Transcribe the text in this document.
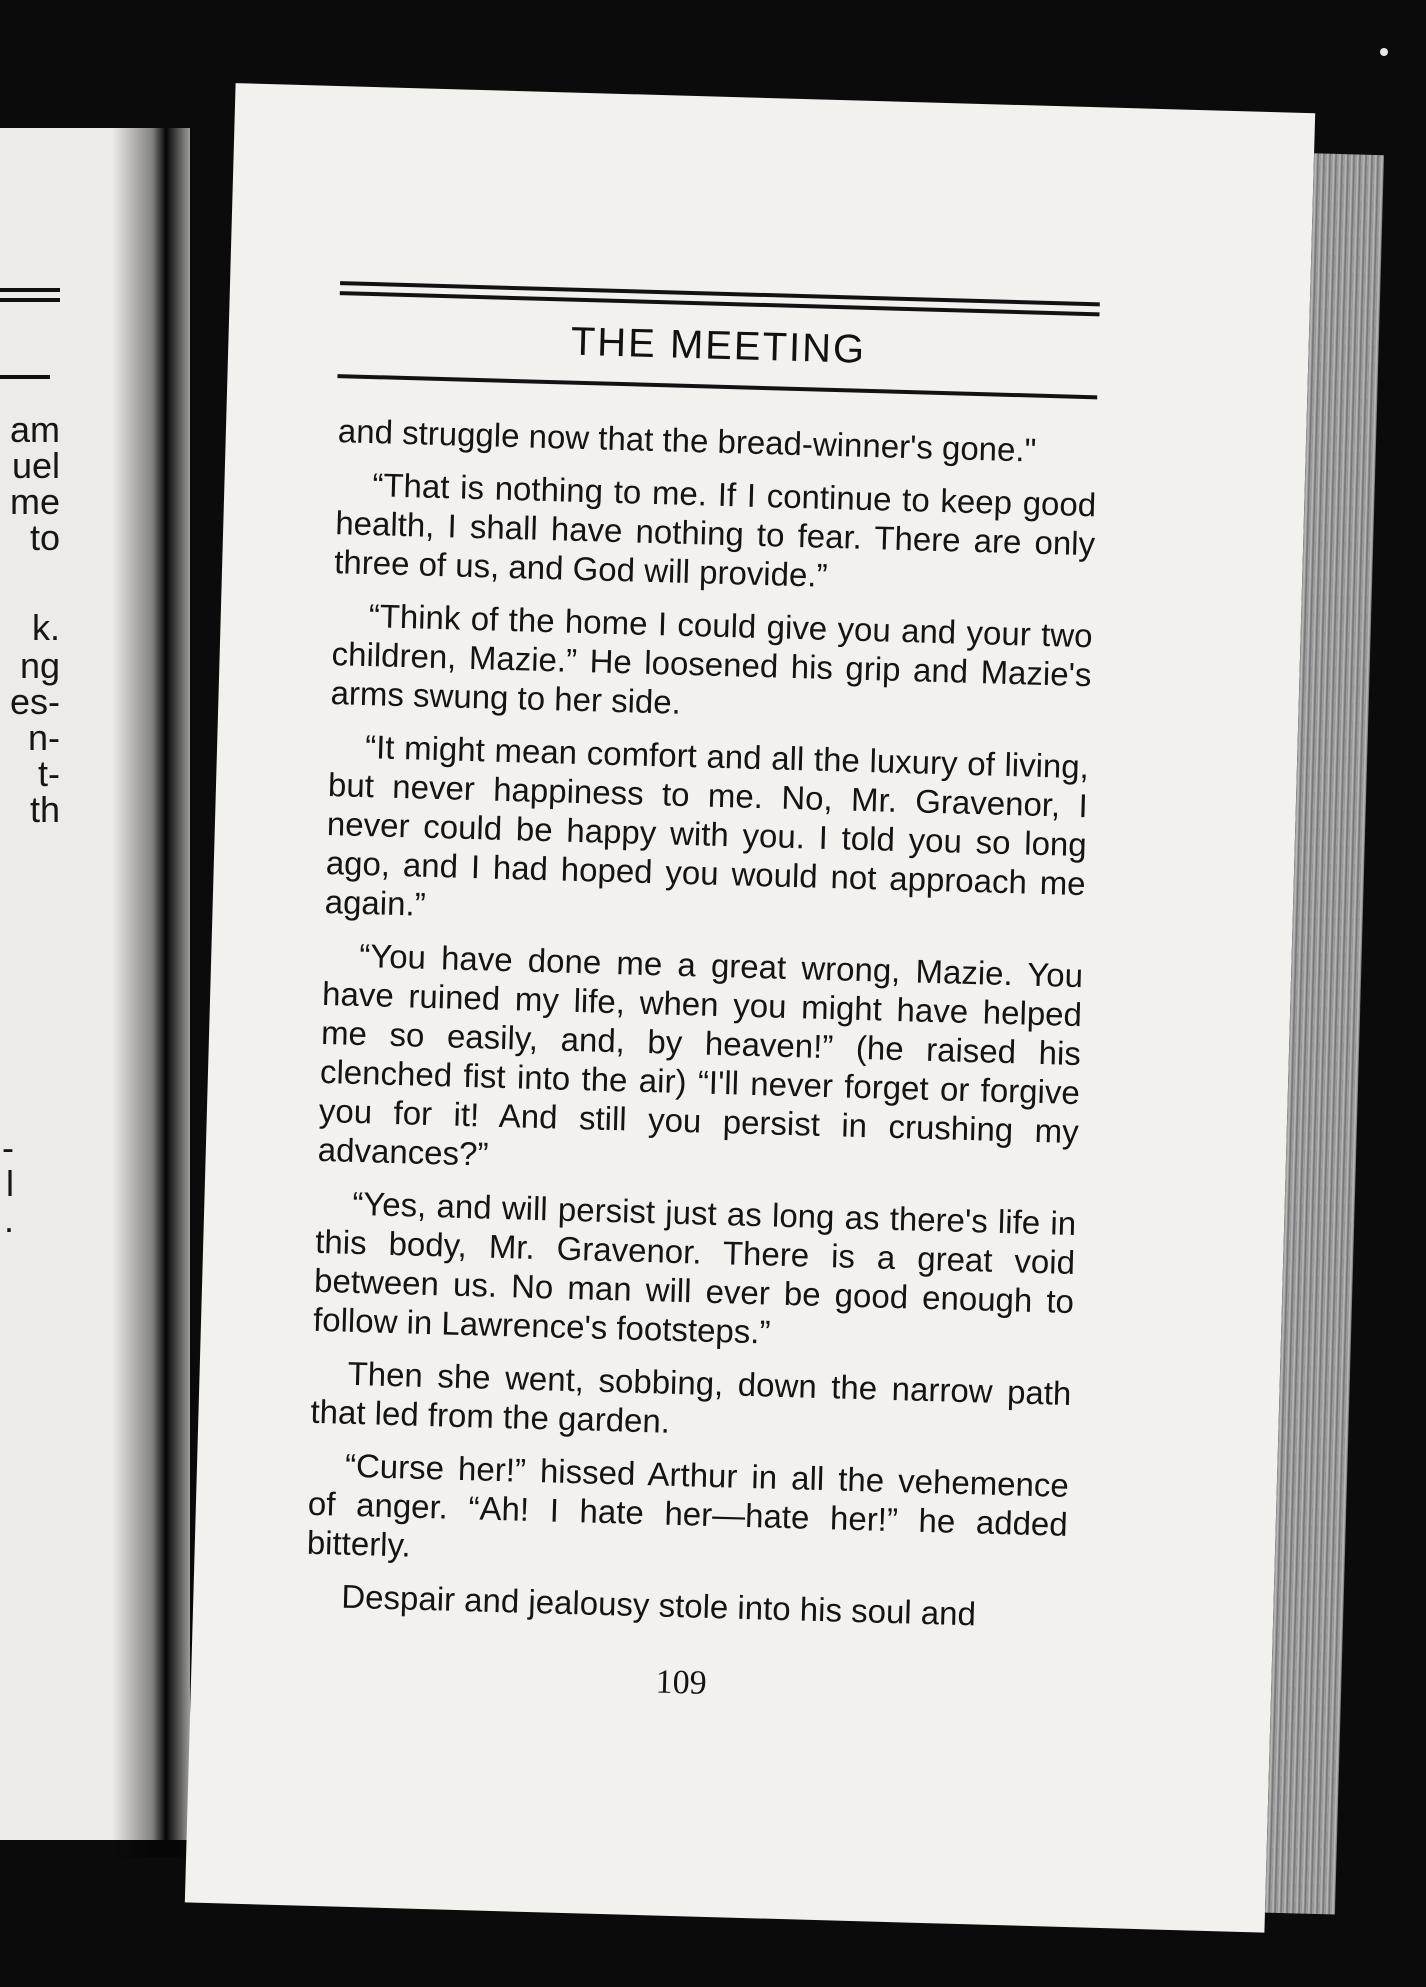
am
uel
me
to
k.
ng
es-
n-
t-
th
-
l
.
THE MEETING

and struggle now that the bread-winner's gone."

“That is nothing to me. If I continue to keep good health, I shall have nothing to fear. There are only three of us, and God will provide.”

“Think of the home I could give you and your two children, Mazie.” He loosened his grip and Mazie's arms swung to her side.

“It might mean comfort and all the luxury of living, but never happiness to me. No, Mr. Gravenor, I never could be happy with you. I told you so long ago, and I had hoped you would not approach me again.”

“You have done me a great wrong, Mazie. You have ruined my life, when you might have helped me so easily, and, by heaven!” (he raised his clenched fist into the air) “I'll never forget or forgive you for it! And still you persist in crushing my advances?”

“Yes, and will persist just as long as there's life in this body, Mr. Gravenor. There is a great void between us. No man will ever be good enough to follow in Lawrence's footsteps.”

Then she went, sobbing, down the narrow path that led from the garden.

“Curse her!” hissed Arthur in all the vehemence of anger. “Ah! I hate her—hate her!” he added bitterly.

Despair and jealousy stole into his soul and

109
